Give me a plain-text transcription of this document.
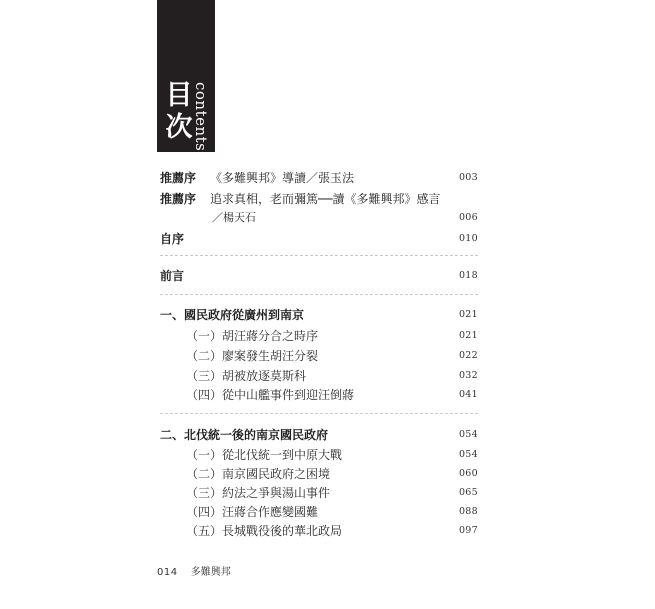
目
次 contents
推薦序 《多難興邦》導讀／張玉法	003
推薦序 追求真相，老而彌篤──讀《多難興邦》感言
／楊天石	006
自序	010
前言	018
一、國民政府從廣州到南京	021
（一）胡汪蔣分合之時序	021
（二）廖案發生胡汪分裂	022
（三）胡被放逐莫斯科	032
（四）從中山艦事件到迎汪倒蔣	041
二、北伐統一後的南京國民政府	054
（一）從北伐統一到中原大戰	054
（二）南京國民政府之困境	060
（三）約法之爭與湯山事件	065
（四）汪蔣合作應變國難	088
（五）長城戰役後的華北政局	097
014 多難興邦
